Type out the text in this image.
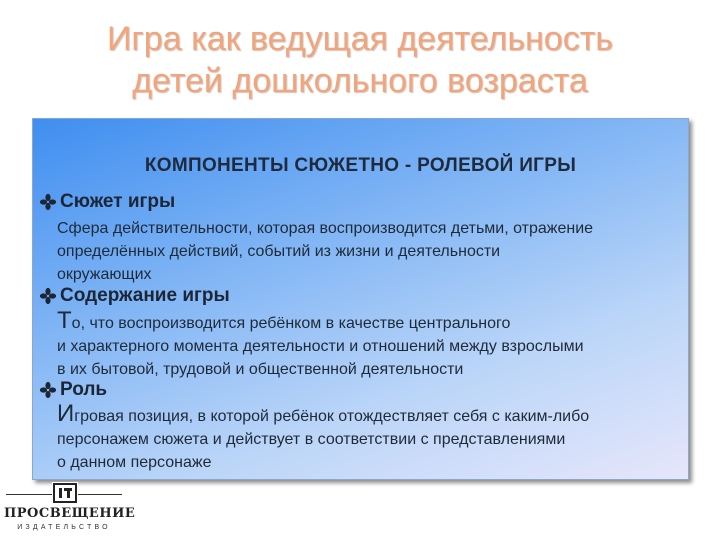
Игра как ведущая деятельность
детей дошкольного возраста
КОМПОНЕНТЫ СЮЖЕТНО - РОЛЕВОЙ ИГРЫ
Сюжет игры
Сфера действительности, которая воспроизводится детьми, отражение
определённых действий, событий из жизни и деятельности
окружающих
Содержание игры
То, что воспроизводится ребёнком в качестве центрального
и характерного момента деятельности и отношений между взрослыми
в их бытовой, трудовой и общественной деятельности
Роль
Игровая позиция, в которой ребёнок отождествляет себя с каким-либо
персонажем сюжета и действует в соответствии с представлениями
о данном персонаже
ПРОСВЕЩЕНИЕ
ИЗДАТЕЛЬСТВО
